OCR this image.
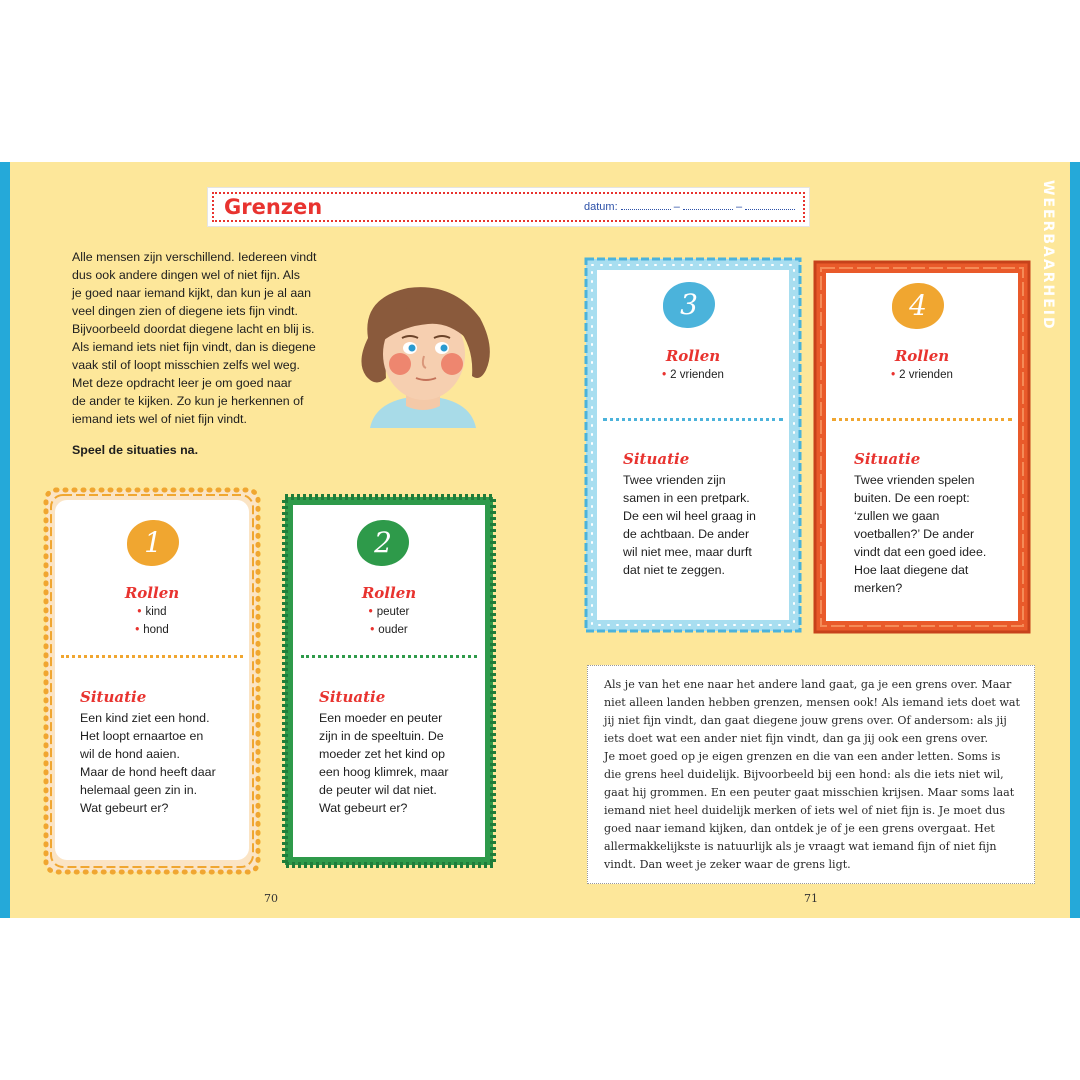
WEERBAARHEID
Grenzen	datum:	–	–
Alle mensen zijn verschillend. Iedereen vindt
dus ook andere dingen wel of niet fijn. Als
je goed naar iemand kijkt, dan kun je al aan
veel dingen zien of diegene iets fijn vindt.
Bijvoorbeeld doordat diegene lacht en blij is.
Als iemand iets niet fijn vindt, dan is diegene
vaak stil of loopt misschien zelfs wel weg.
Met deze opdracht leer je om goed naar
de ander te kijken. Zo kun je herkennen of
iemand iets wel of niet fijn vindt.
Speel de situaties na.
1
Rollen
• kind
• hond
Situatie
Een kind ziet een hond.
Het loopt ernaartoe en
wil de hond aaien.
Maar de hond heeft daar
helemaal geen zin in.
Wat gebeurt er?
2
Rollen
• peuter
• ouder
Situatie
Een moeder en peuter
zijn in de speeltuin. De
moeder zet het kind op
een hoog klimrek, maar
de peuter wil dat niet.
Wat gebeurt er?
3
Rollen
• 2 vrienden
Situatie
Twee vrienden zijn
samen in een pretpark.
De een wil heel graag in
de achtbaan. De ander
wil niet mee, maar durft
dat niet te zeggen.
4
Rollen
• 2 vrienden
Situatie
Twee vrienden spelen
buiten. De een roept:
‘zullen we gaan
voetballen?’ De ander
vindt dat een goed idee.
Hoe laat diegene dat
merken?
Als je van het ene naar het andere land gaat, ga je een grens over. Maar
niet alleen landen hebben grenzen, mensen ook! Als iemand iets doet wat
jij niet fijn vindt, dan gaat diegene jouw grens over. Of andersom: als jij
iets doet wat een ander niet fijn vindt, dan ga jij ook een grens over.
Je moet goed op je eigen grenzen en die van een ander letten. Soms is
die grens heel duidelijk. Bijvoorbeeld bij een hond: als die iets niet wil,
gaat hij grommen. En een peuter gaat misschien krijsen. Maar soms laat
iemand niet heel duidelijk merken of iets wel of niet fijn is. Je moet dus
goed naar iemand kijken, dan ontdek je of je een grens overgaat. Het
allermakkelijkste is natuurlijk als je vraagt wat iemand fijn of niet fijn
vindt. Dan weet je zeker waar de grens ligt.
70	71
